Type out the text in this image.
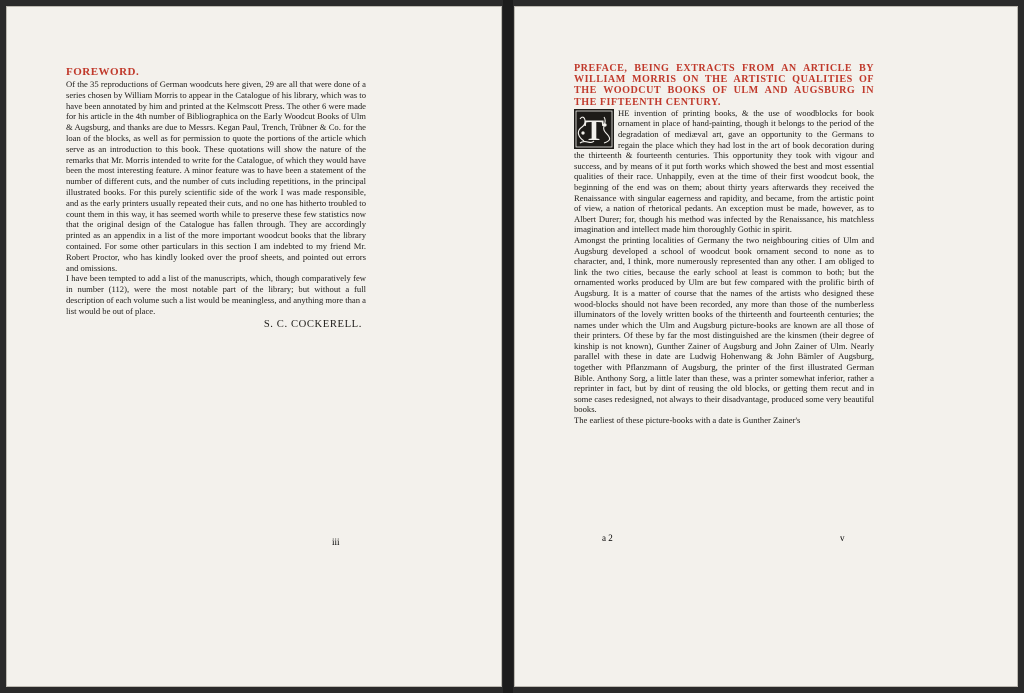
FOREWORD.

Of the 35 reproductions of German woodcuts here given, 29 are all that were done of a series chosen by William Morris to appear in the Catalogue of his library, which was to have been annotated by him and printed at the Kelmscott Press. The other 6 were made for his article in the 4th number of Bibliographica on the Early Woodcut Books of Ulm & Augsburg, and thanks are due to Messrs. Kegan Paul, Trench, Trübner & Co. for the loan of the blocks, as well as for permission to quote the portions of the article which serve as an introduction to this book. These quotations will show the nature of the remarks that Mr. Morris intended to write for the Catalogue, of which they would have been the most interesting feature. A minor feature was to have been a statement of the number of different cuts, and the number of cuts including repetitions, in the principal illustrated books. For this purely scientific side of the work I was made responsible, and as the early printers usually repeated their cuts, and no one has hitherto troubled to count them in this way, it has seemed worth while to preserve these few statistics now that the original design of the Catalogue has fallen through. They are accordingly printed as an appendix in a list of the more important woodcut books that the library contained. For some other particulars in this section I am indebted to my friend Mr. Robert Proctor, who has kindly looked over the proof sheets, and pointed out errors and omissions.

I have been tempted to add a list of the manuscripts, which, though comparatively few in number (112), were the most notable part of the library; but without a full description of each volume such a list would be meaningless, and anything more than a list would be out of place.

S. C. COCKERELL.
iii
PREFACE, BEING EXTRACTS FROM AN ARTICLE BY WILLIAM MORRIS ON THE ARTISTIC QUALITIES OF THE WOODCUT BOOKS OF ULM AND AUGSBURG IN THE FIFTEENTH CENTURY.
T

HE invention of printing books, & the use of woodblocks for book ornament in place of hand-painting, though it belongs to the period of the degradation of mediæval art, gave an opportunity to the Germans to regain the place which they had lost in the art of book decoration during the thirteenth & fourteenth centuries. This opportunity they took with vigour and success, and by means of it put forth works which showed the best and most essential qualities of their race. Unhappily, even at the time of their first woodcut book, the beginning of the end was on them; about thirty years afterwards they received the Renaissance with singular eagerness and rapidity, and became, from the artistic point of view, a nation of rhetorical pedants. An exception must be made, however, as to Albert Durer; for, though his method was infected by the Renaissance, his matchless imagination and intellect made him thoroughly Gothic in spirit.

Amongst the printing localities of Germany the two neighbouring cities of Ulm and Augsburg developed a school of woodcut book ornament second to none as to character, and, I think, more numerously represented than any other. I am obliged to link the two cities, because the early school at least is common to both; but the ornamented works produced by Ulm are but few compared with the prolific birth of Augsburg. It is a matter of course that the names of the artists who designed these wood-blocks should not have been recorded, any more than those of the numberless illuminators of the lovely written books of the thirteenth and fourteenth centuries; the names under which the Ulm and Augsburg picture-books are known are all those of their printers. Of these by far the most distinguished are the kinsmen (their degree of kinship is not known), Gunther Zainer of Augsburg and John Zainer of Ulm. Nearly parallel with these in date are Ludwig Hohenwang & John Bämler of Augsburg, together with Pflanzmann of Augsburg, the printer of the first illustrated German Bible. Anthony Sorg, a little later than these, was a printer somewhat inferior, rather a reprinter in fact, but by dint of reusing the old blocks, or getting them recut and in some cases redesigned, not always to their disadvantage, produced some very beautiful books.

The earliest of these picture-books with a date is Gunther Zainer's

a 2	v
